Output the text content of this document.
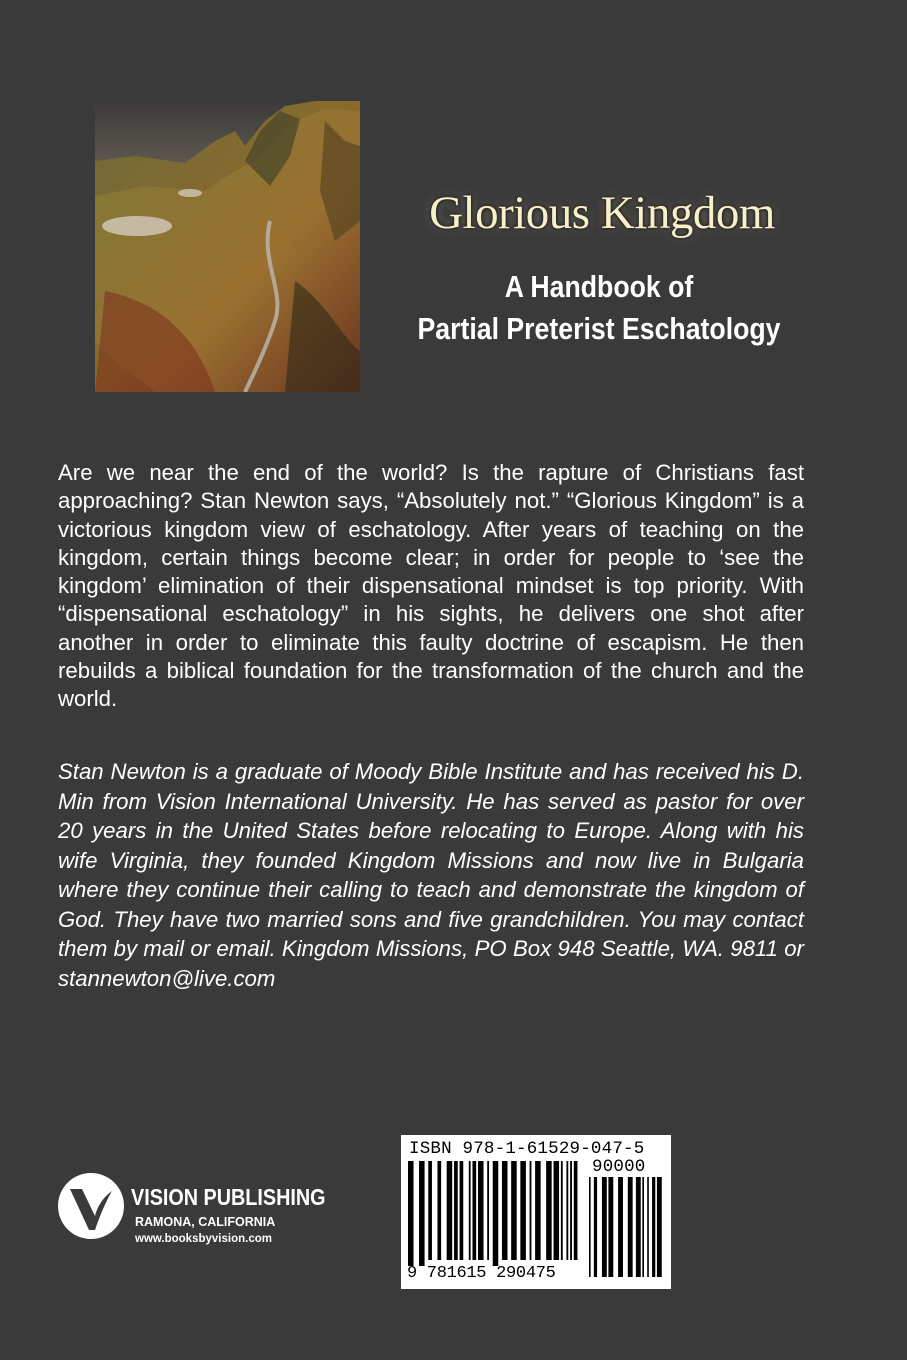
Glorious Kingdom
A Handbook of
Partial Preterist Eschatology

Are we near the end of the world? Is the rapture of Christians fast approaching? Stan Newton says, “Absolutely not.” “Glorious Kingdom” is a victorious kingdom view of eschatology. After years of teaching on the kingdom, certain things become clear; in order for people to ‘see the kingdom’ elimination of their dispensational mindset is top priority. With “dispensational eschatology” in his sights, he delivers one shot after another in order to eliminate this faulty doctrine of escapism. He then rebuilds a biblical foundation for the transformation of the church and the world.

Stan Newton is a graduate of Moody Bible Institute and has received his D. Min from Vision International University. He has served as pastor for over 20 years in the United States before relocating to Europe. Along with his wife Virginia, they founded Kingdom Missions and now live in Bulgaria where they continue their calling to teach and demonstrate the kingdom of God. They have two married sons and five grandchildren. You may contact them by mail or email. Kingdom Missions, PO Box 948 Seattle, WA. 9811 or stannewton@live.com

VISION PUBLISHING
RAMONA, CALIFORNIA
www.booksbyvision.com
ISBN 978-1-61529-047-5
90000
9 781615 290475
